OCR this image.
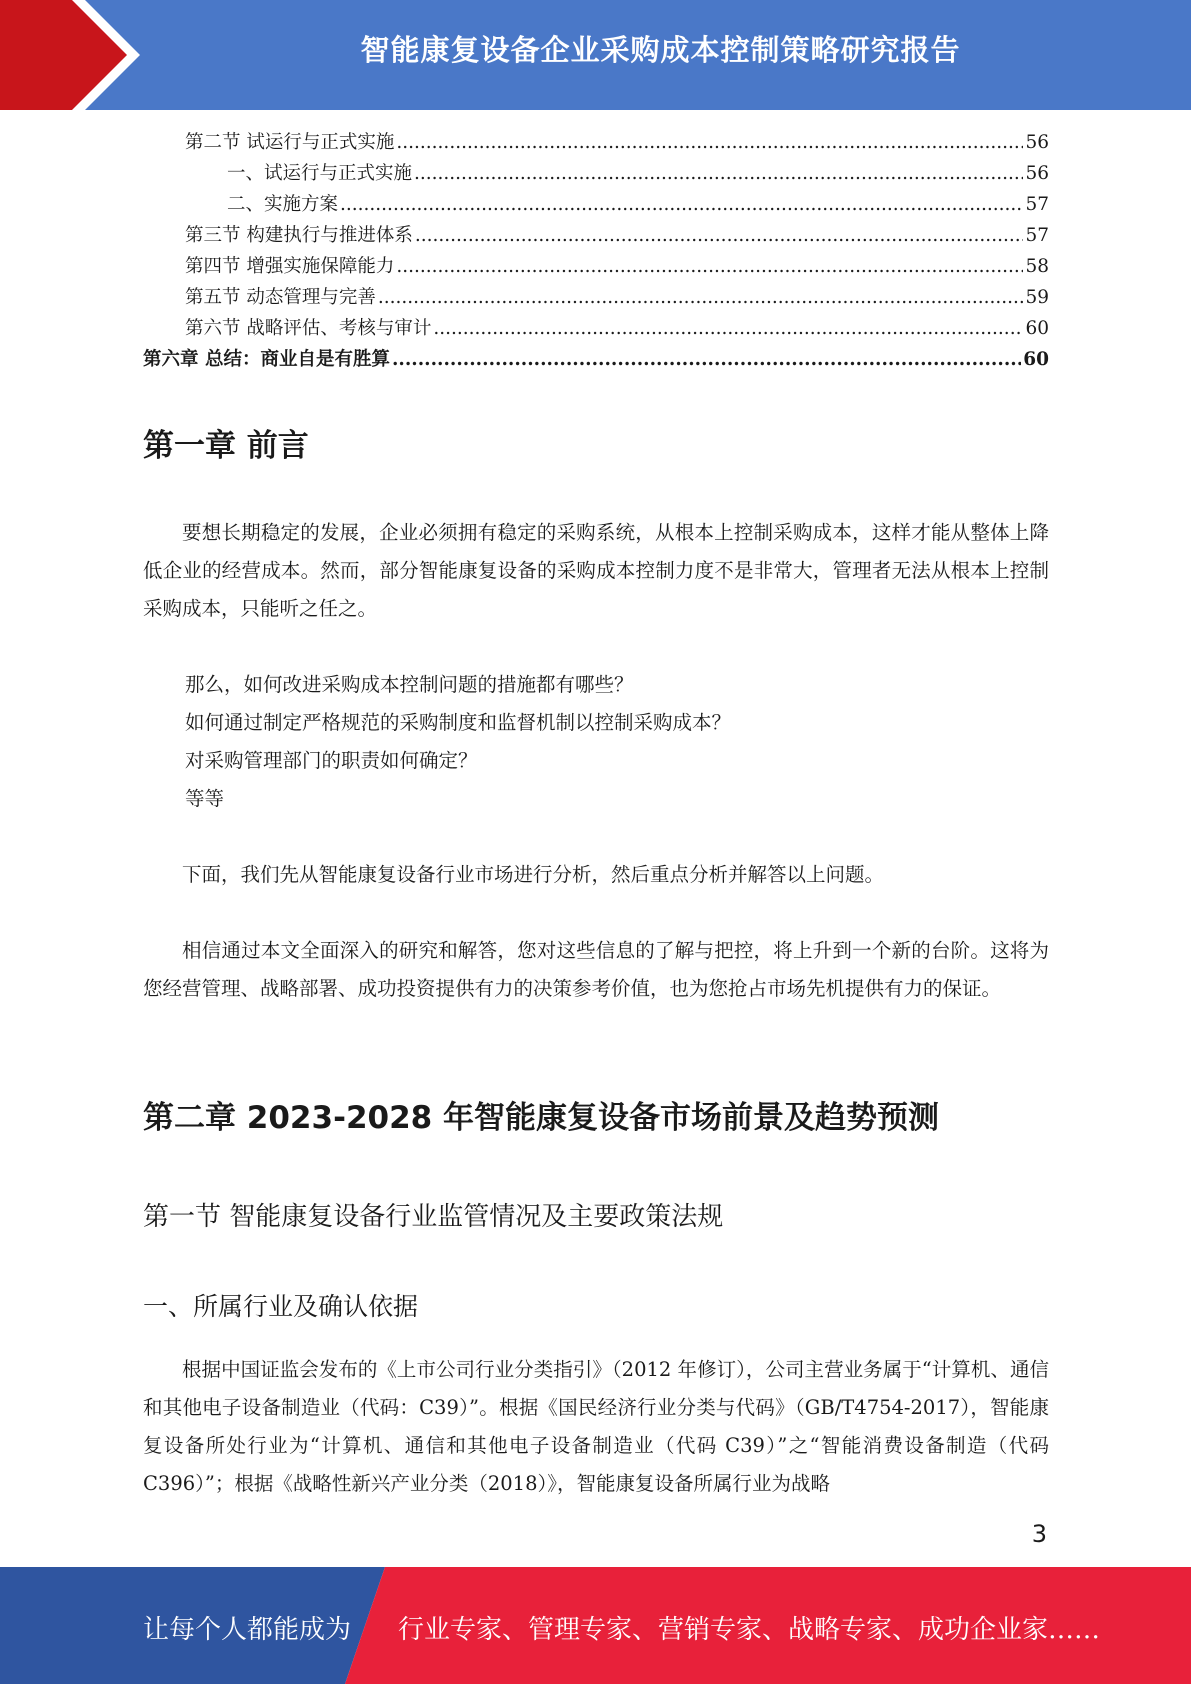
智能康复设备企业采购成本控制策略研究报告
第二节 试运行与正式实施 .....	56
一、试运行与正式实施 .....	56
二、实施方案 .....	57
第三节 构建执行与推进体系 .....	57
第四节 增强实施保障能力 .....	58
第五节 动态管理与完善 .....	59
第六节 战略评估、考核与审计 .....	60
第六章 总结：商业自是有胜算 .....	60
第一章 前言

要想长期稳定的发展，企业必须拥有稳定的采购系统，从根本上控制采购成本，这样才能从整体上降低企业的经营成本。然而，部分智能康复设备的采购成本控制力度不是非常大，管理者无法从根本上控制采购成本，只能听之任之。

那么，如何改进采购成本控制问题的措施都有哪些？
如何通过制定严格规范的采购制度和监督机制以控制采购成本？
对采购管理部门的职责如何确定？
等等

下面，我们先从智能康复设备行业市场进行分析，然后重点分析并解答以上问题。

相信通过本文全面深入的研究和解答，您对这些信息的了解与把控，将上升到一个新的台阶。这将为您经营管理、战略部署、成功投资提供有力的决策参考价值，也为您抢占市场先机提供有力的保证。

第二章 2023-2028 年智能康复设备市场前景及趋势预测
第一节 智能康复设备行业监管情况及主要政策法规
一、所属行业及确认依据

根据中国证监会发布的《上市公司行业分类指引》（2012 年修订），公司主营业务属于“计算机、通信和其他电子设备制造业（代码：C39）”。根据《国民经济行业分类与代码》（GB/T4754-2017），智能康复设备所处行业为“计算机、通信和其他电子设备制造业（代码 C39）”之“智能消费设备制造（代码 C396）”；根据《战略性新兴产业分类（2018）》，智能康复设备所属行业为战略

3
让每个人都能成为 行业专家、管理专家、营销专家、战略专家、成功企业家……
